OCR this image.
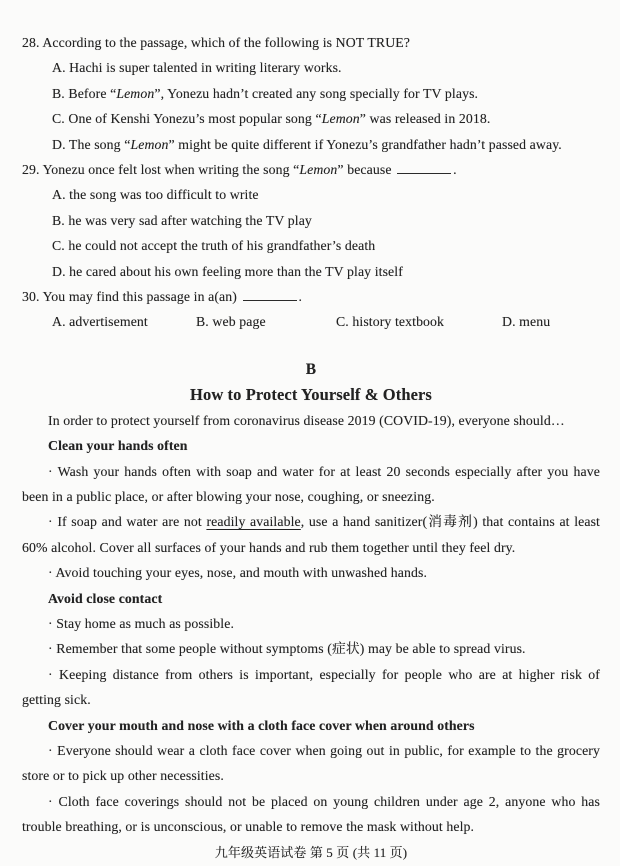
28. According to the passage, which of the following is NOT TRUE?

A. Hachi is super talented in writing literary works.

B. Before “Lemon”, Yonezu hadn’t created any song specially for TV plays.

C. One of Kenshi Yonezu’s most popular song “Lemon” was released in 2018.

D. The song “Lemon” might be quite different if Yonezu’s grandfather hadn’t passed away.

29. Yonezu once felt lost when writing the song “Lemon” because	.

A. the song was too difficult to write

B. he was very sad after watching the TV play

C. he could not accept the truth of his grandfather’s death

D. he cared about his own feeling more than the TV play itself

30. You may find this passage in a(an)	.

A. advertisement	B. web page	C. history textbook	D. menu

B

How to Protect Yourself & Others

In order to protect yourself from coronavirus disease 2019 (COVID-19), everyone should…

Clean your hands often

· Wash your hands often with soap and water for at least 20 seconds especially after you have been in a public place, or after blowing your nose, coughing, or sneezing.

· If soap and water are not readily available, use a hand sanitizer(消毒剂) that contains at least 60% alcohol. Cover all surfaces of your hands and rub them together until they feel dry.

· Avoid touching your eyes, nose, and mouth with unwashed hands.

Avoid close contact

· Stay home as much as possible.

· Remember that some people without symptoms (症状) may be able to spread virus.

· Keeping distance from others is important, especially for people who are at higher risk of getting sick.

Cover your mouth and nose with a cloth face cover when around others

· Everyone should wear a cloth face cover when going out in public, for example to the grocery store or to pick up other necessities.

· Cloth face coverings should not be placed on young children under age 2, anyone who has trouble breathing, or is unconscious, or unable to remove the mask without help.

九年级英语试卷 第 5 页 (共 11 页)
